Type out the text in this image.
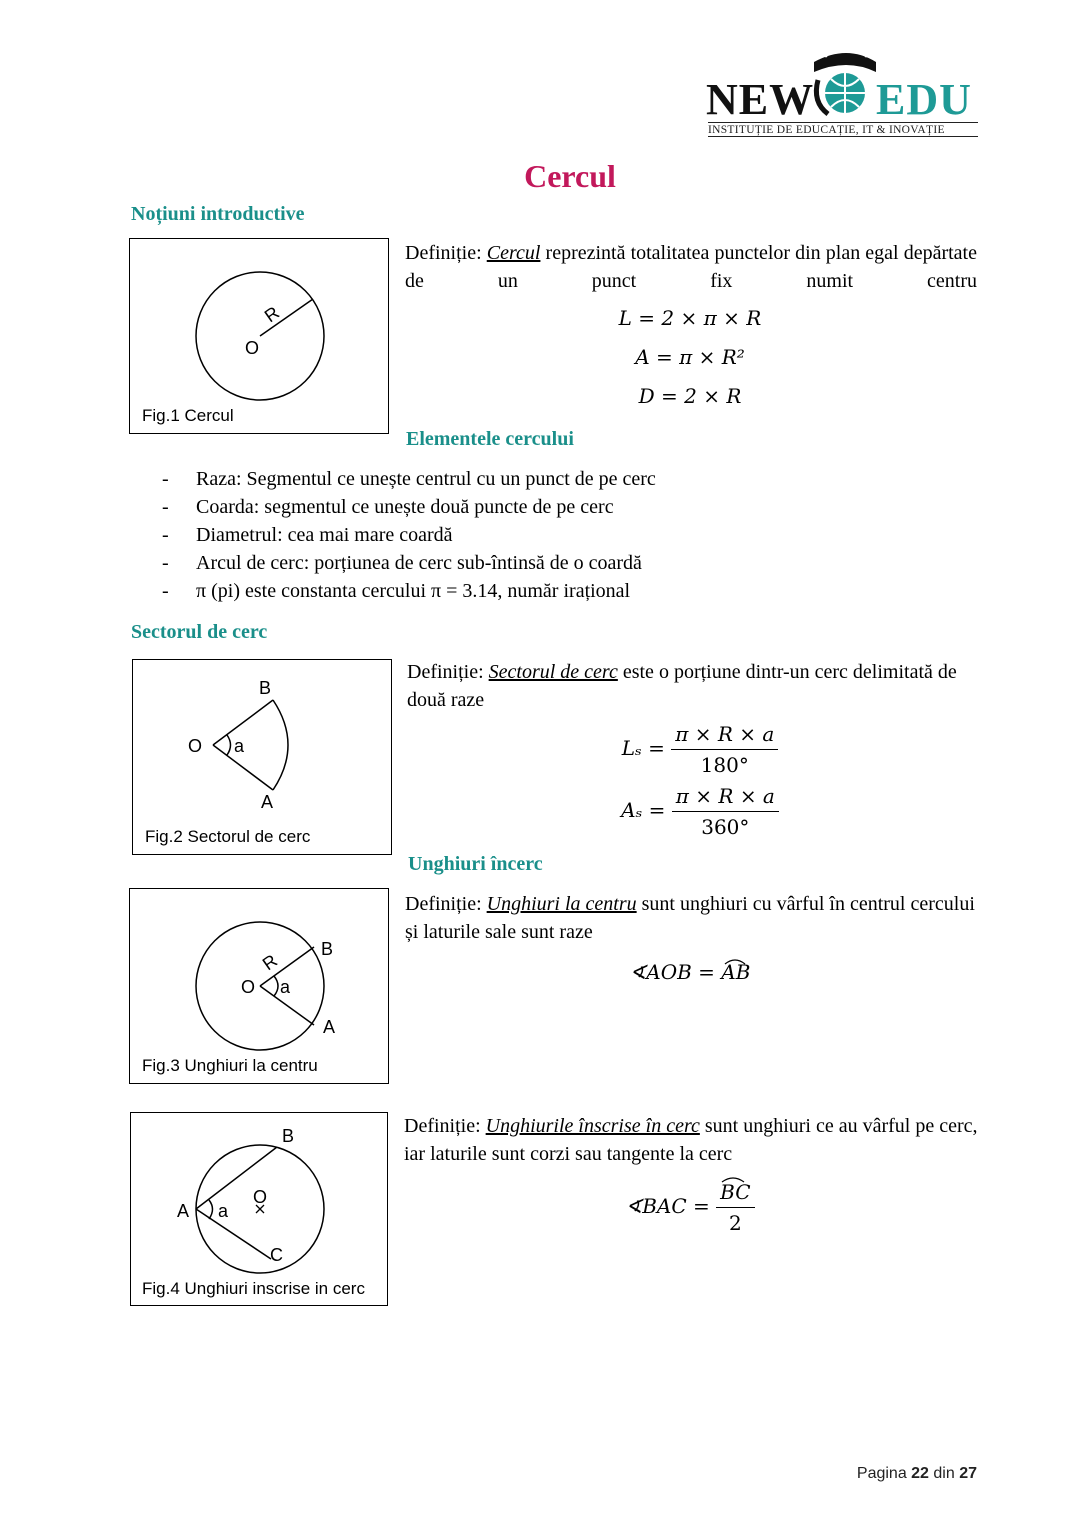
NEW EDU
INSTITUȚIE DE EDUCAȚIE, IT & INOVAȚIE
Cercul
Noțiuni introductive
O
R
Fig.1 Cercul
Definiție: Cercul reprezintă totalitatea punctelor din plan egal depărtate de un punct fix numit centru
L = 2 × π × R
A = π × R²
D = 2 × R
Elementele cercului
- Raza: Segmentul ce unește centrul cu un punct de pe cerc
- Coarda: segmentul ce unește două puncte de pe cerc
- Diametrul: cea mai mare coardă
- Arcul de cerc: porțiunea de cerc sub-întinsă de o coardă
- π (pi) este constanta cercului π = 3.14, număr irațional
Sectorul de cerc
O a
B
A
Fig.2 Sectorul de cerc
Definiție: Sectorul de cerc este o porțiune dintr-un cerc delimitată de două raze
$L_s = \frac{\pi \times R \times a}{180^\circ}$
$A_s = \frac{\pi \times R \times a}{360^\circ}$
Unghiuri încerc
O a
R
B
A
Fig.3 Unghiuri la centru
Definiție: Unghiuri la centru sunt unghiuri cu vârful în centrul cercului și laturile sale sunt raze
∢AOB = AB
A a
O
B
C
Fig.4 Unghiuri inscrise in cerc
Definiție: Unghiurile înscrise în cerc sunt unghiuri ce au vârful pe cerc, iar laturile sunt corzi sau tangente la cerc
∢BAC = $\frac{BC}{2}$
Pagina 22 din 27
